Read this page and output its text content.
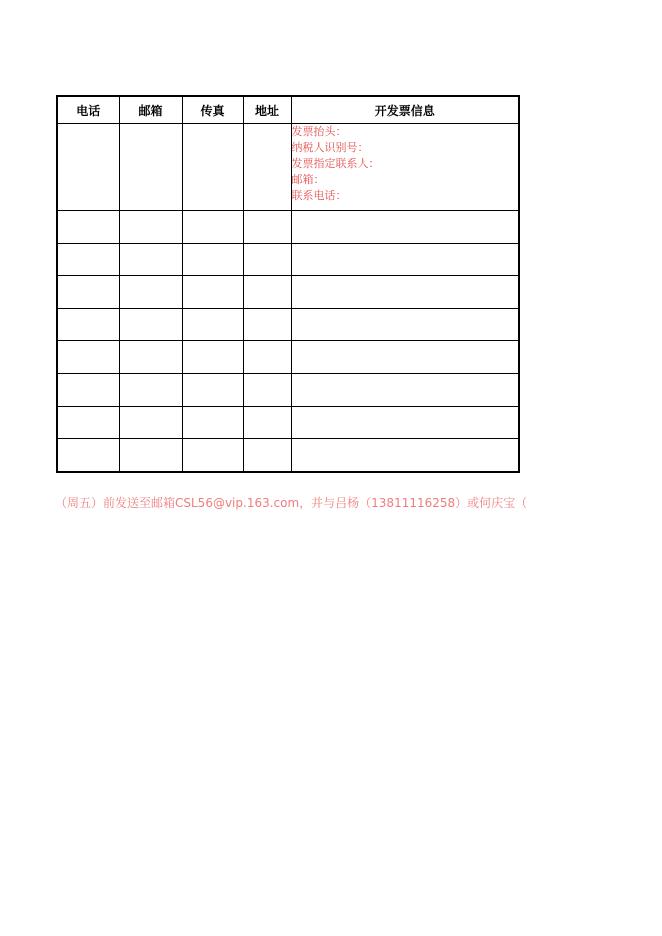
电话	邮箱	传真	地址	开发票信息

				发票抬头：
纳税人识别号：
发票指定联系人：
邮箱：
联系电话：

（周五）前发送至邮箱CSL56@vip.163.com，并与吕杨（13811116258）或何庆宝（
